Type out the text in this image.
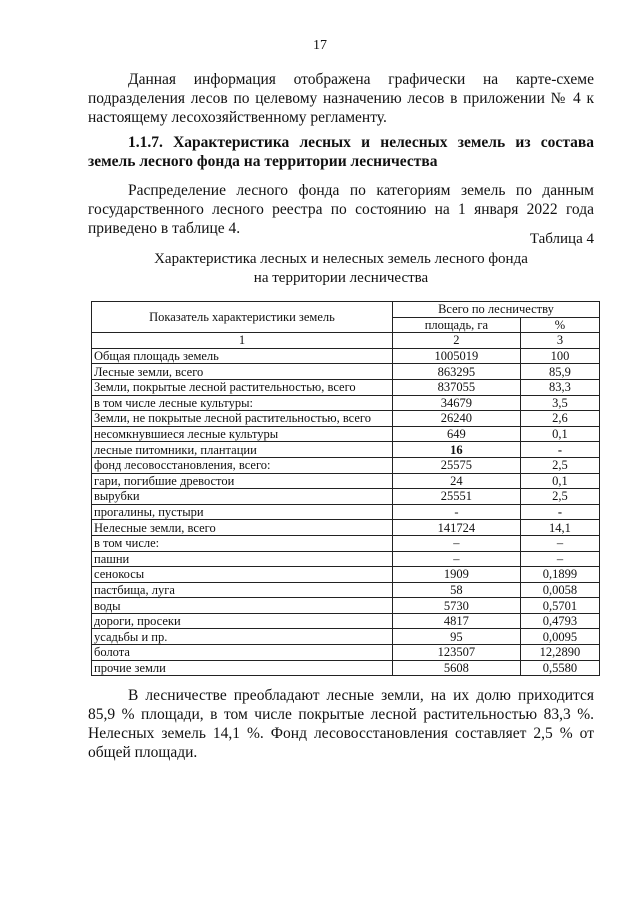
17

Данная информация отображена графически на карте-схеме подразделения лесов по целевому назначению лесов в приложении № 4 к настоящему лесохозяйственному регламенту.

1.1.7. Характеристика лесных и нелесных земель из состава земель лесного фонда на территории лесничества

Распределение лесного фонда по категориям земель по данным государственного лесного реестра по состоянию на 1 января 2022 года приведено в таблице 4.

Таблица 4
Характеристика лесных и нелесных земель лесного фонда
на территории лесничества
Показатель характеристики земель	Всего по лесничеству	
	площадь, га	%
1	2	3
Общая площадь земель	1005019	100
Лесные земли, всего	863295	85,9
Земли, покрытые лесной растительностью, всего	837055	83,3
в том числе лесные культуры:	34679	3,5
Земли, не покрытые лесной растительностью, всего	26240	2,6
несомкнувшиеся лесные культуры	649	0,1
лесные питомники, плантации	16	-
фонд лесовосстановления, всего:	25575	2,5
гари, погибшие древостои	24	0,1
вырубки	25551	2,5
прогалины, пустыри	-	-
Нелесные земли, всего	141724	14,1
в том числе:	–	–
пашни	–	–
сенокосы	1909	0,1899
пастбища, луга	58	0,0058
воды	5730	0,5701
дороги, просеки	4817	0,4793
усадьбы и пр.	95	0,0095
болота	123507	12,2890
прочие земли	5608	0,5580

В лесничестве преобладают лесные земли, на их долю приходится 85,9 % площади, в том числе покрытые лесной растительностью 83,3 %. Нелесных земель 14,1 %. Фонд лесовосстановления составляет 2,5 % от общей площади.
